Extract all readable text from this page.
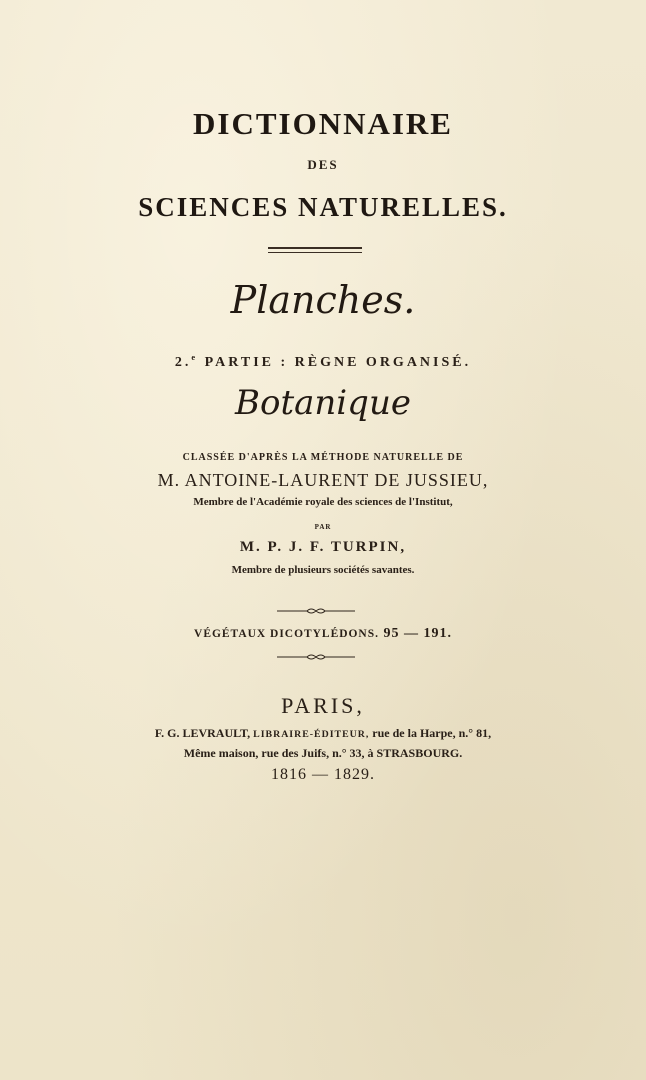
DICTIONNAIRE
DES
SCIENCES NATURELLES.
Planches.
2.$^e$ PARTIE : RÈGNE ORGANISÉ.
Botanique
CLASSÉE D'APRÈS LA MÉTHODE NATURELLE DE
M. ANTOINE-LAURENT DE JUSSIEU,
Membre de l'Académie royale des sciences de l'Institut,
PAR
M. P. J. F. TURPIN,
Membre de plusieurs sociétés savantes.
VÉGÉTAUX DICOTYLÉDONS. 95 — 191.
PARIS,
F. G. LEVRAULT, LIBRAIRE-ÉDITEUR, rue de la Harpe, n.° 81,
Même maison, rue des Juifs, n.° 33, à STRASBOURG.
1816 — 1829.
